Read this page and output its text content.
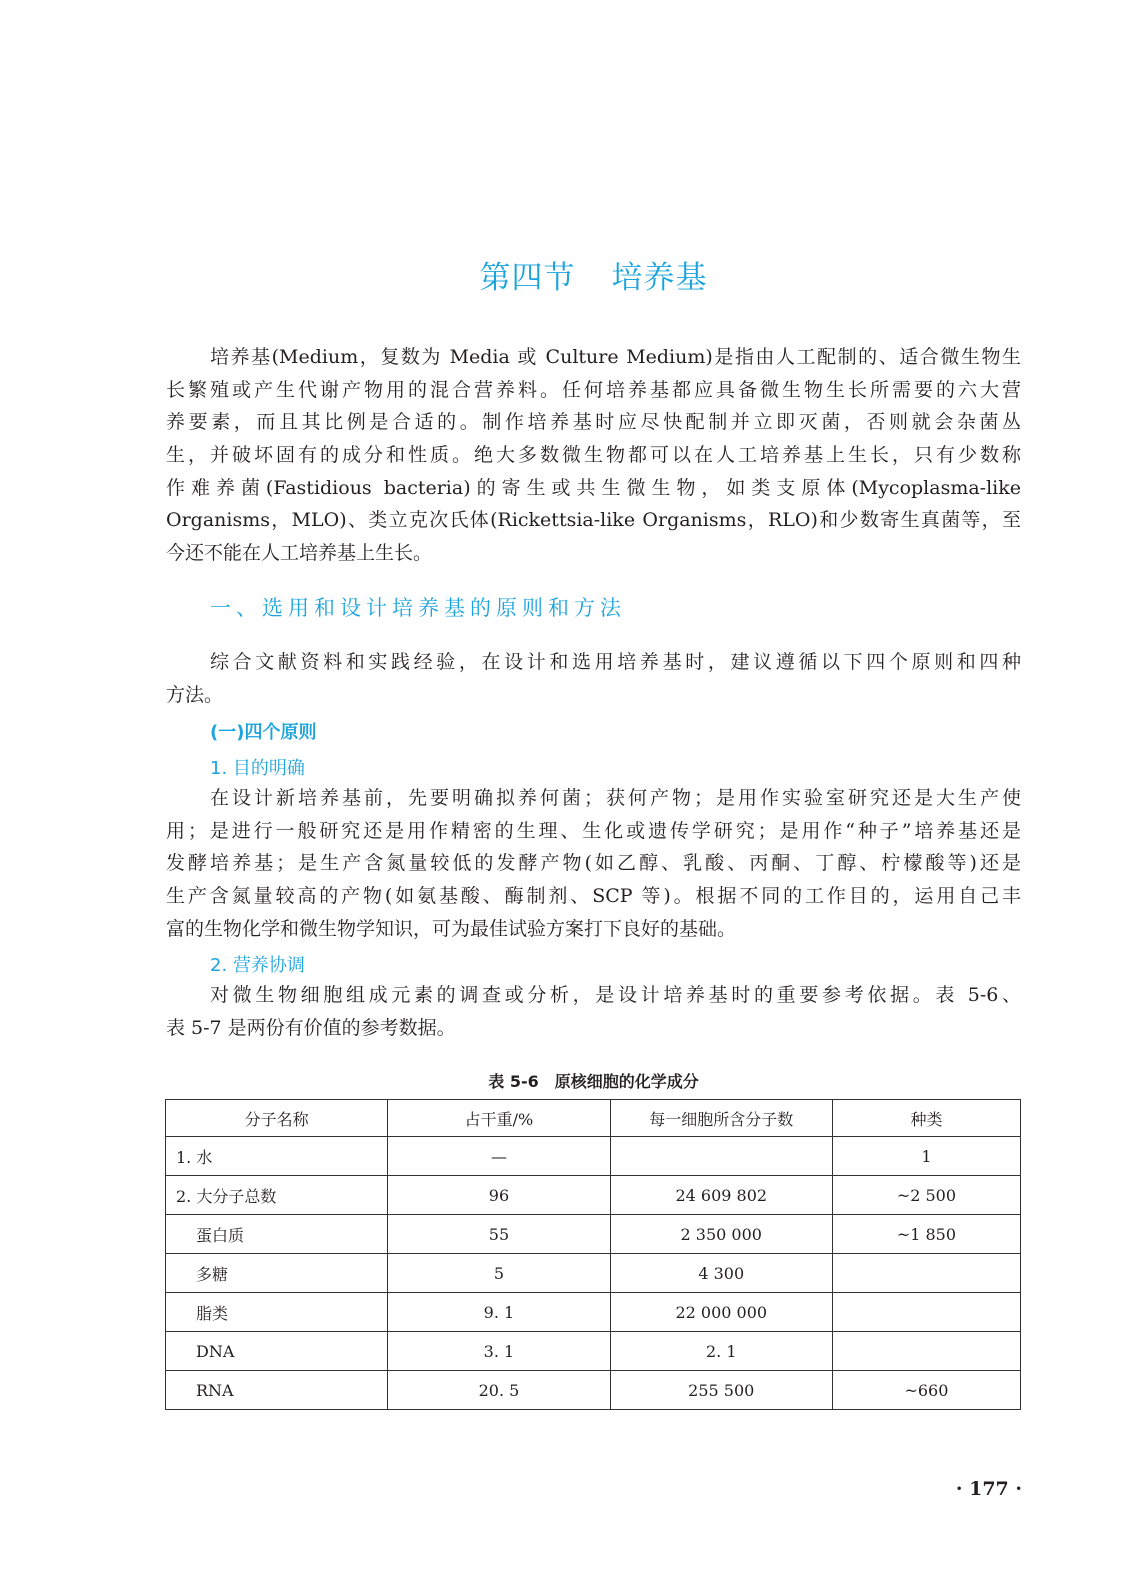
第四节 培养基
培养基(Medium，复数为 Media 或 Culture Medium)是指由人工配制的、适合微生物生
长繁殖或产生代谢产物用的混合营养料。任何培养基都应具备微生物生长所需要的六大营
养要素，而且其比例是合适的。制作培养基时应尽快配制并立即灭菌，否则就会杂菌丛
生，并破坏固有的成分和性质。绝大多数微生物都可以在人工培养基上生长，只有少数称
作难养菌(Fastidious bacteria)的寄生或共生微生物，如类支原体(Mycoplasma-like
Organisms，MLO)、类立克次氏体(Rickettsia-like Organisms，RLO)和少数寄生真菌等，至
今还不能在人工培养基上生长。
一、选用和设计培养基的原则和方法
综合文献资料和实践经验，在设计和选用培养基时，建议遵循以下四个原则和四种
方法。
(一)四个原则
1. 目的明确
在设计新培养基前，先要明确拟养何菌；获何产物；是用作实验室研究还是大生产使
用；是进行一般研究还是用作精密的生理、生化或遗传学研究；是用作“种子”培养基还是
发酵培养基；是生产含氮量较低的发酵产物(如乙醇、乳酸、丙酮、丁醇、柠檬酸等)还是
生产含氮量较高的产物(如氨基酸、酶制剂、SCP 等)。根据不同的工作目的，运用自己丰
富的生物化学和微生物学知识，可为最佳试验方案打下良好的基础。
2. 营养协调
对微生物细胞组成元素的调查或分析，是设计培养基时的重要参考依据。表 5-6、
表 5-7 是两份有价值的参考数据。
表 5-6　原核细胞的化学成分
分子名称	占干重/%	每一细胞所含分子数	种类
1. 水	—		1
2. 大分子总数	96	24 609 802	~2 500
蛋白质	55	2 350 000	~1 850
多糖	5	4 300	
脂类	9. 1	22 000 000	
DNA	3. 1	2. 1	
RNA	20. 5	255 500	~660
· 177 ·
